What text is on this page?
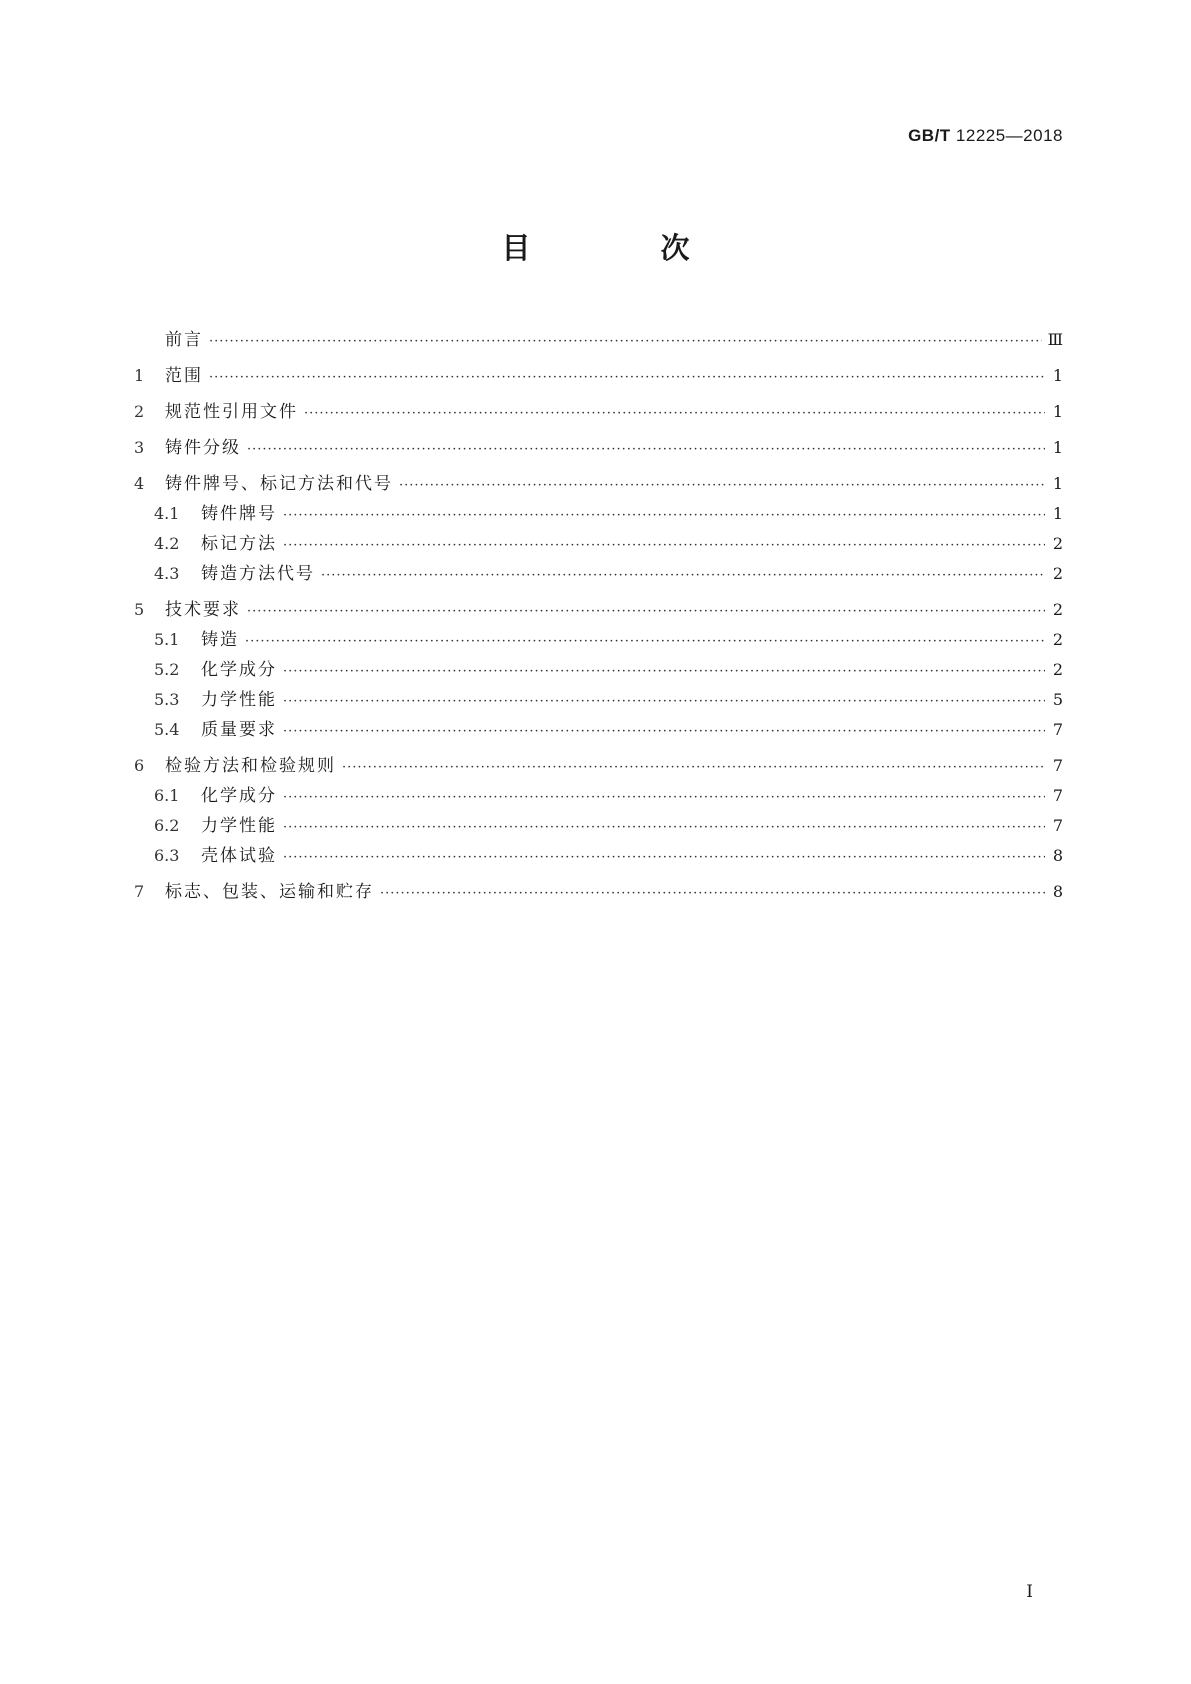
GB/T 12225—2018
目 次
前言 ·····	Ⅲ
1	范围 ·····	1
2	规范性引用文件 ·····	1
3	铸件分级 ·····	1
4	铸件牌号、标记方法和代号 ·····	1
4.1	铸件牌号 ·····	1
4.2	标记方法 ·····	2
4.3	铸造方法代号 ·····	2
5	技术要求 ·····	2
5.1	铸造 ·····	2
5.2	化学成分 ·····	2
5.3	力学性能 ·····	5
5.4	质量要求 ·····	7
6	检验方法和检验规则 ·····	7
6.1	化学成分 ·····	7
6.2	力学性能 ·····	7
6.3	壳体试验 ·····	8
7	标志、包装、运输和贮存 ·····	8
Ⅰ
